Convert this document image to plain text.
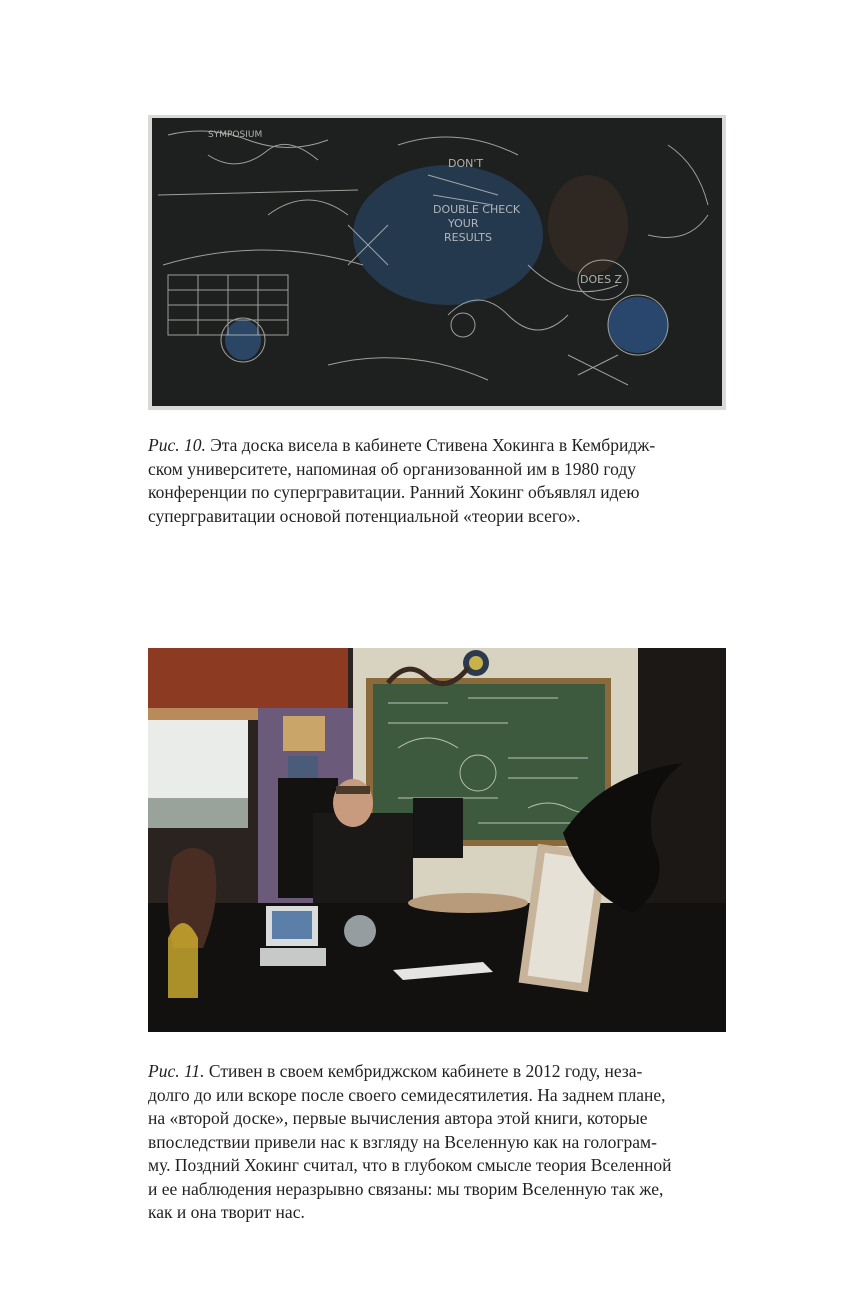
DON'T
DOUBLE CHECK
YOUR
RESULTS
DOES Z
SYMPOSIUM

Рис. 10. Эта доска висела в кабинете Стивена Хокинга в Кембридж-
ском университете, напоминая об организованной им в 1980 году
конференции по супергравитации. Ранний Хокинг объявлял идею
супергравитации основой потенциальной «теории всего».

Рис. 11. Стивен в своем кембриджском кабинете в 2012 году, неза-
долго до или вскоре после своего семидесятилетия. На заднем плане,
на «второй доске», первые вычисления автора этой книги, которые
впоследствии привели нас к взгляду на Вселенную как на голограм-
му. Поздний Хокинг считал, что в глубоком смысле теория Вселенной
и ее наблюдения неразрывно связаны: мы творим Вселенную так же,
как и она творит нас.
